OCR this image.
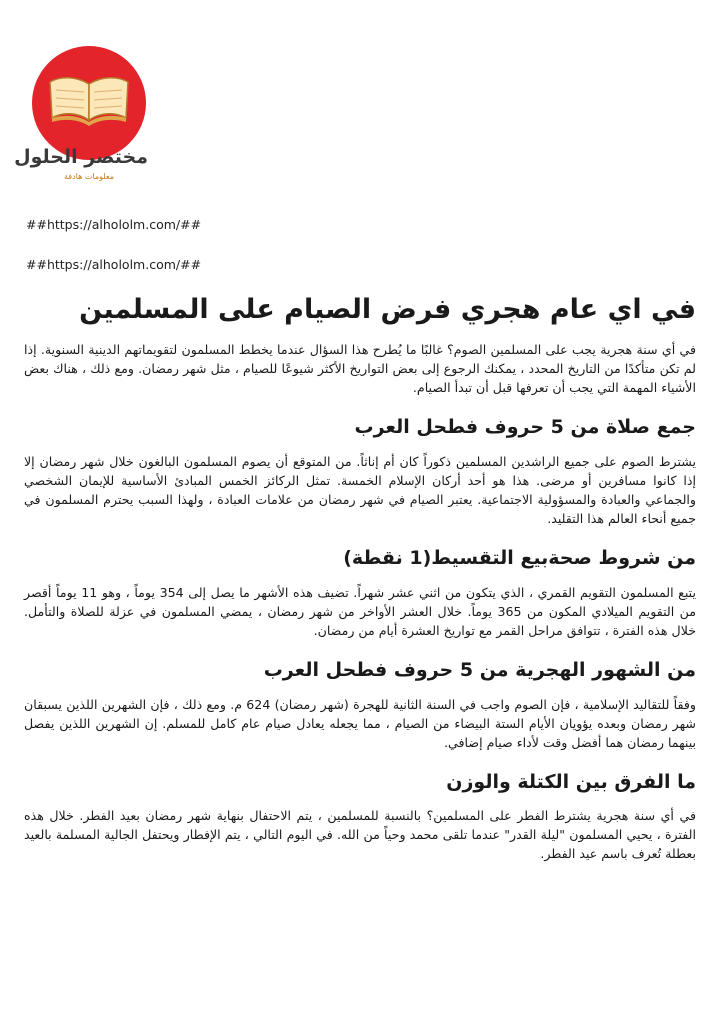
مختصر الحلول
معلومات هادفة
##https://alhololm.com/##
##https://alhololm.com/##
في اي عام هجري فرض الصيام على المسلمين

في أي سنة هجرية يجب على المسلمين الصوم؟ غالبًا ما يُطرح هذا السؤال عندما يخطط المسلمون لتقويماتهم الدينية السنوية. إذا لم تكن متأكدًا من التاريخ المحدد ، يمكنك الرجوع إلى بعض التواريخ الأكثر شيوعًا للصيام ، مثل شهر رمضان. ومع ذلك ، هناك بعض الأشياء المهمة التي يجب أن تعرفها قبل أن تبدأ الصيام.

جمع صلاة من 5 حروف فطحل العرب

يشترط الصوم على جميع الراشدين المسلمين ذكوراً كان أم إناثاً. من المتوقع أن يصوم المسلمون البالغون خلال شهر رمضان إلا إذا كانوا مسافرين أو مرضى. هذا هو أحد أركان الإسلام الخمسة. تمثل الركائز الخمس المبادئ الأساسية للإيمان الشخصي والجماعي والعبادة والمسؤولية الاجتماعية. يعتبر الصيام في شهر رمضان من علامات العبادة ، ولهذا السبب يحترم المسلمون في جميع أنحاء العالم هذا التقليد.

من شروط صحةبيع التقسيط(1 نقطة)

يتبع المسلمون التقويم القمري ، الذي يتكون من اثني عشر شهراً. تضيف هذه الأشهر ما يصل إلى 354 يوماً ، وهو 11 يوماً أقصر من التقويم الميلادي المكون من 365 يوماً. خلال العشر الأواخر من شهر رمضان ، يمضي المسلمون في عزلة للصلاة والتأمل. خلال هذه الفترة ، تتوافق مراحل القمر مع تواريخ العشرة أيام من رمضان.

من الشهور الهجرية من 5 حروف فطحل العرب

وفقاً للتقاليد الإسلامية ، فإن الصوم واجب في السنة الثانية للهجرة (شهر رمضان) 624 م. ومع ذلك ، فإن الشهرين اللذين يسبقان شهر رمضان وبعده يؤويان الأيام الستة البيضاء من الصيام ، مما يجعله يعادل صيام عام كامل للمسلم. إن الشهرين اللذين يفصل بينهما رمضان هما أفضل وقت لأداء صيام إضافي.

ما الفرق بين الكتلة والوزن

في أي سنة هجرية يشترط الفطر على المسلمين؟ بالنسبة للمسلمين ، يتم الاحتفال بنهاية شهر رمضان بعيد الفطر. خلال هذه الفترة ، يحيي المسلمون "ليلة القدر" عندما تلقى محمد وحياً من الله. في اليوم التالي ، يتم الإفطار ويحتفل الجالية المسلمة بالعيد بعطلة تُعرف باسم عيد الفطر.
